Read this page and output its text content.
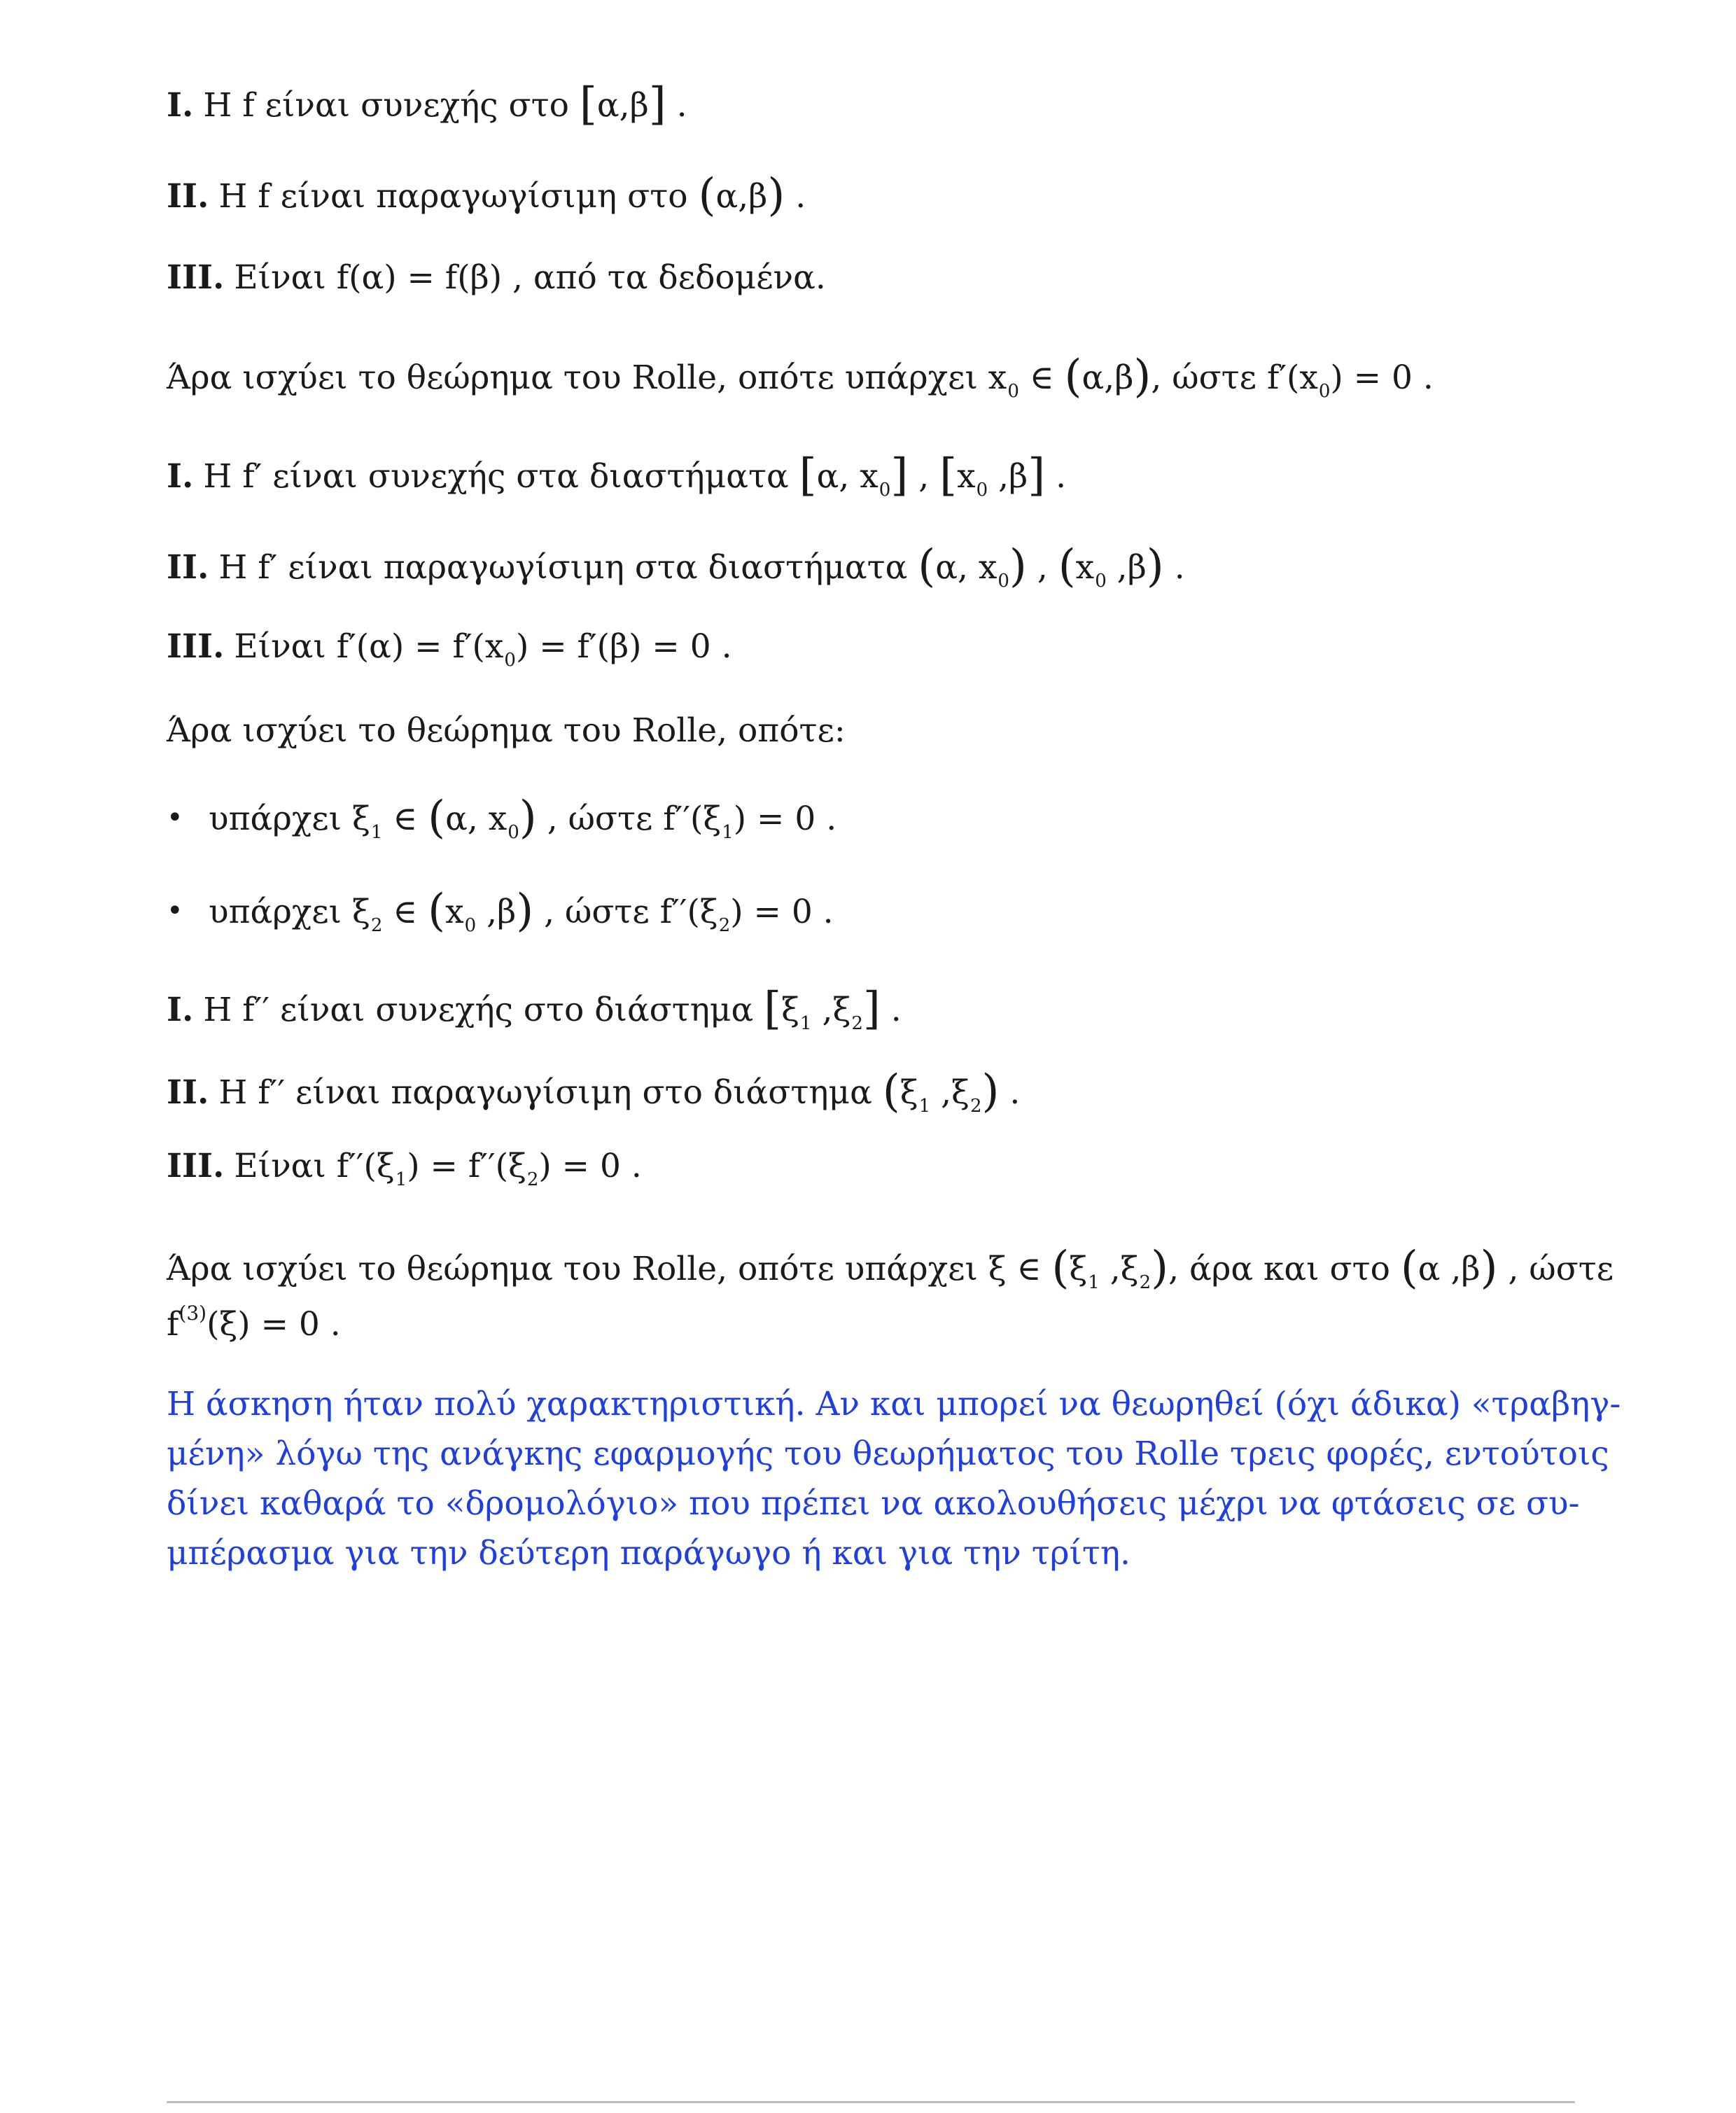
I. Η f είναι συνεχής στο [α,β] .
II. Η f είναι παραγωγίσιμη στο (α,β) .
III. Είναι f(α) = f(β) , από τα δεδομένα.
Άρα ισχύει το θεώρημα του Rolle, οπότε υπάρχει $x_0$ ∈ (α,β), ώστε $f'(x_0) = 0$ .
I. Η f′ είναι συνεχής στα διαστήματα [α, $x_0$] , [$x_0$ ,β] .
II. Η f′ είναι παραγωγίσιμη στα διαστήματα (α, $x_0$) , ($x_0$ ,β) .
III. Είναι $f'(\alpha) = f'(x_0) = f'(\beta) = 0$ .
Άρα ισχύει το θεώρημα του Rolle, οπότε:
• υπάρχει $\xi_1$ ∈ (α, $x_0$) , ώστε $f''(\xi_1) = 0$ .
• υπάρχει $\xi_2$ ∈ ($x_0$ ,β) , ώστε $f''(\xi_2) = 0$ .
I. Η f′′ είναι συνεχής στο διάστημα [$\xi_1$ $,\xi_2$] .
II. Η f′′ είναι παραγωγίσιμη στο διάστημα ($\xi_1$ $,\xi_2$) .
III. Είναι $f''(\xi_1) = f''(\xi_2) = 0$ .
Άρα ισχύει το θεώρημα του Rolle, οπότε υπάρχει ξ ∈ ($\xi_1$ $,\xi_2$), άρα και στο (α ,β) , ώστε
$f^{(3)}(\xi) = 0$ .
Η άσκηση ήταν πολύ χαρακτηριστική. Αν και μπορεί να θεωρηθεί (όχι άδικα) «τραβηγ-
μένη» λόγω της ανάγκης εφαρμογής του θεωρήματος του Rolle τρεις φορές, εντούτοις
δίνει καθαρά το «δρομολόγιο» που πρέπει να ακολουθήσεις μέχρι να φτάσεις σε συ-
μπέρασμα για την δεύτερη παράγωγο ή και για την τρίτη.
